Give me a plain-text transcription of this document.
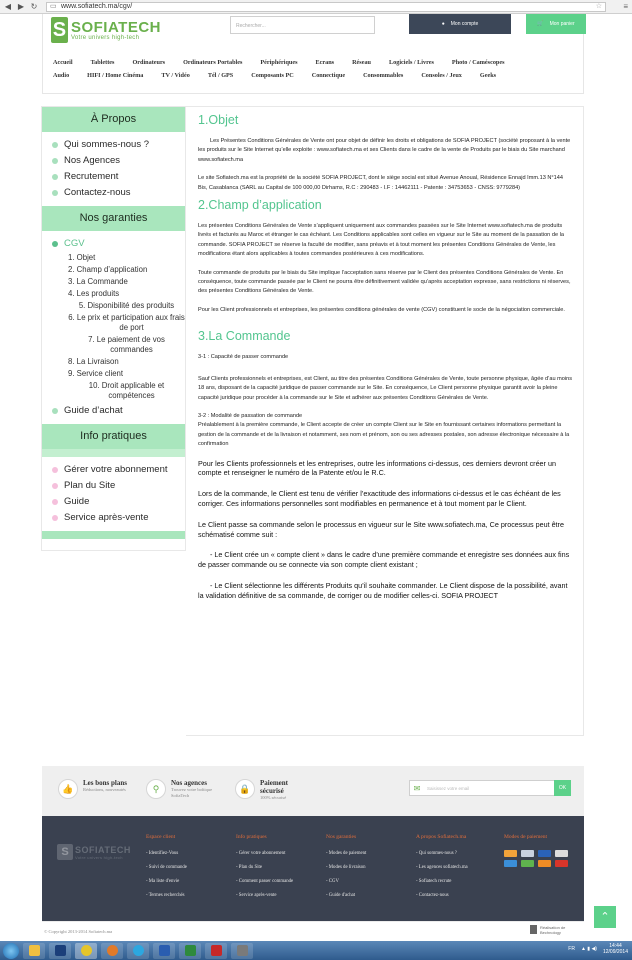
◀ ▶ ↻ ▭ www.sofiatech.ma/cgv/	☆	≡
S SOFIATECH
Votre univers high-tech
Rechercher...	● Mon compte	🛒 Mon panier
Accueil	Tablettes	Ordinateurs	Ordinateurs Portables	Périphériques	Ecrans	Réseau	Logiciels / Livres	Photo / Caméscopes
Audio	HIFI / Home Cinéma	TV / Vidéo	Tél / GPS	Composants PC	Connectique	Consommables	Consoles / Jeux	Geeks
À Propos
Qui sommes-nous ?
Nos Agences
Recrutement
Contactez-nous
Nos garanties
CGV
1. Objet
2. Champ d’application
3. La Commande
4. Les produits
5. Disponibilité des produits
6. Le prix et participation aux frais de port
7. Le paiement de vos commandes
8. La Livraison
9. Service client
10. Droit applicable et compétences
Guide d’achat
Info pratiques
Gérer votre abonnement
Plan du Site
Guide
Service après-vente
1.Objet

Les Présentes Conditions Générales de Vente ont pour objet de définir les droits et obligations de SOFIA PROJECT (société proposant à la vente les produits sur le Site Internet qu’elle exploite : www.sofiatech.ma et ses Clients dans le cadre de la vente de Produits par le biais du Site marchand www.sofiatech.ma

Le site Sofiatech.ma est la propriété de la société SOFIA PROJECT, dont le siège social est situé Avenue Anoual, Résidence Ennajd Imm.13 N°144 Bis, Casablanca (SARL au Capital de 100 000,00 Dirhams, R.C : 290483 - I.F : 14462111 - Patente : 34753653 - CNSS: 9779284)

2.Champ d’application

Les présentes Conditions Générales de Vente s’appliquent uniquement aux commandes passées sur le Site Internet www.sofiatech.ma de produits livrés et facturés au Maroc et étranger le cas échéant. Les Conditions applicables sont celles en vigueur sur le Site au moment de la passation de la commande. SOFIA PROJECT se réserve la faculté de modifier, sans préavis et à tout moment les présentes Conditions Générales de Vente, les modifications étant alors applicables à toutes commandes postérieures à ces modifications.

Toute commande de produits par le biais du Site implique l’acceptation sans réserve par le Client des présentes Conditions Générales de Vente. En conséquence, toute commande passée par le Client ne pourra être définitivement validée qu’après acceptation expresse, sans restrictions ni réserves, des présentes Conditions Générales de Vente.

Pour les Client professionnels et entreprises, les présentes conditions générales de vente (CGV) constituent le socle de la négociation commerciale.

3.La Commande

3-1 : Capacité de passer commande

Sauf Clients professionnels et entreprises, est Client, au titre des présentes Conditions Générales de Vente, toute personne physique, âgée d’au moins 18 ans, disposant de la capacité juridique de passer commande sur le Site. En conséquence, Le Client personne physique garantit avoir la pleine capacité juridique pour procéder à la commande sur le Site et adhérer aux présentes Conditions Générales de Vente.

3-2 : Modalité de passation de commande

Préalablement à la première commande, le Client accepte de créer un compte Client sur le Site en fournissant certaines informations permettant la gestion de la commande et de la livraison et notamment, ses nom et prénom, son ou ses adresses postales, son adresse électronique nécessaire à la confirmation

Pour les Clients professionnels et les entreprises, outre les informations ci-dessus, ces derniers devront créer un compte et renseigner le numéro de la Patente et/ou le R.C.

Lors de la commande, le Client est tenu de vérifier l’exactitude des informations ci-dessus et le cas échéant de les corriger. Ces informations personnelles sont modifiables en permanence et à tout moment par le Client.

Le Client passe sa commande selon le processus en vigueur sur le Site www.sofiatech.ma, Ce processus peut être schématisé comme suit :

- Le Client crée un « compte client » dans le cadre d’une première commande et enregistre ses données aux fins de passer commande ou se connecte via son compte client existant ;

- Le Client sélectionne les différents Produits qu’il souhaite commander. Le Client dispose de la possibilité, avant la validation définitive de sa commande, de corriger ou de modifier celles-ci. SOFIA PROJECT

👍
Les bons plans
Réductions, nouveautés	⚲
Nos agences
Trouvez votre boîtique SofiaTech
🔒
Paiement sécurisé
100% sécurisé
✉	Saisissez votre email	OK
S SOFIATECH
Votre univers high-tech
Espace client
- Identifiez-Vous
- Suivi de commande
- Ma liste d'envie
- Termes recherchés
Info pratiques
- Gérer votre abonnement
- Plan du Site
- Comment passer commande
- Service après-vente
Nos garanties
- Modes de paiement
- Modes de livraison
- CGV
- Guide d'achat
A propos Sofiatech.ma
- Qui sommes-nous ?
- Les agences sofiatech.ma
- Sofiatech recrute
- Contactez-nous
Modes de paiement
© Copyright 2013-2014 Sofiatech.ma
Réalisation de Bechnology
⌃
FR ▲ ▮ ◀)	14:44
12/09/2014
